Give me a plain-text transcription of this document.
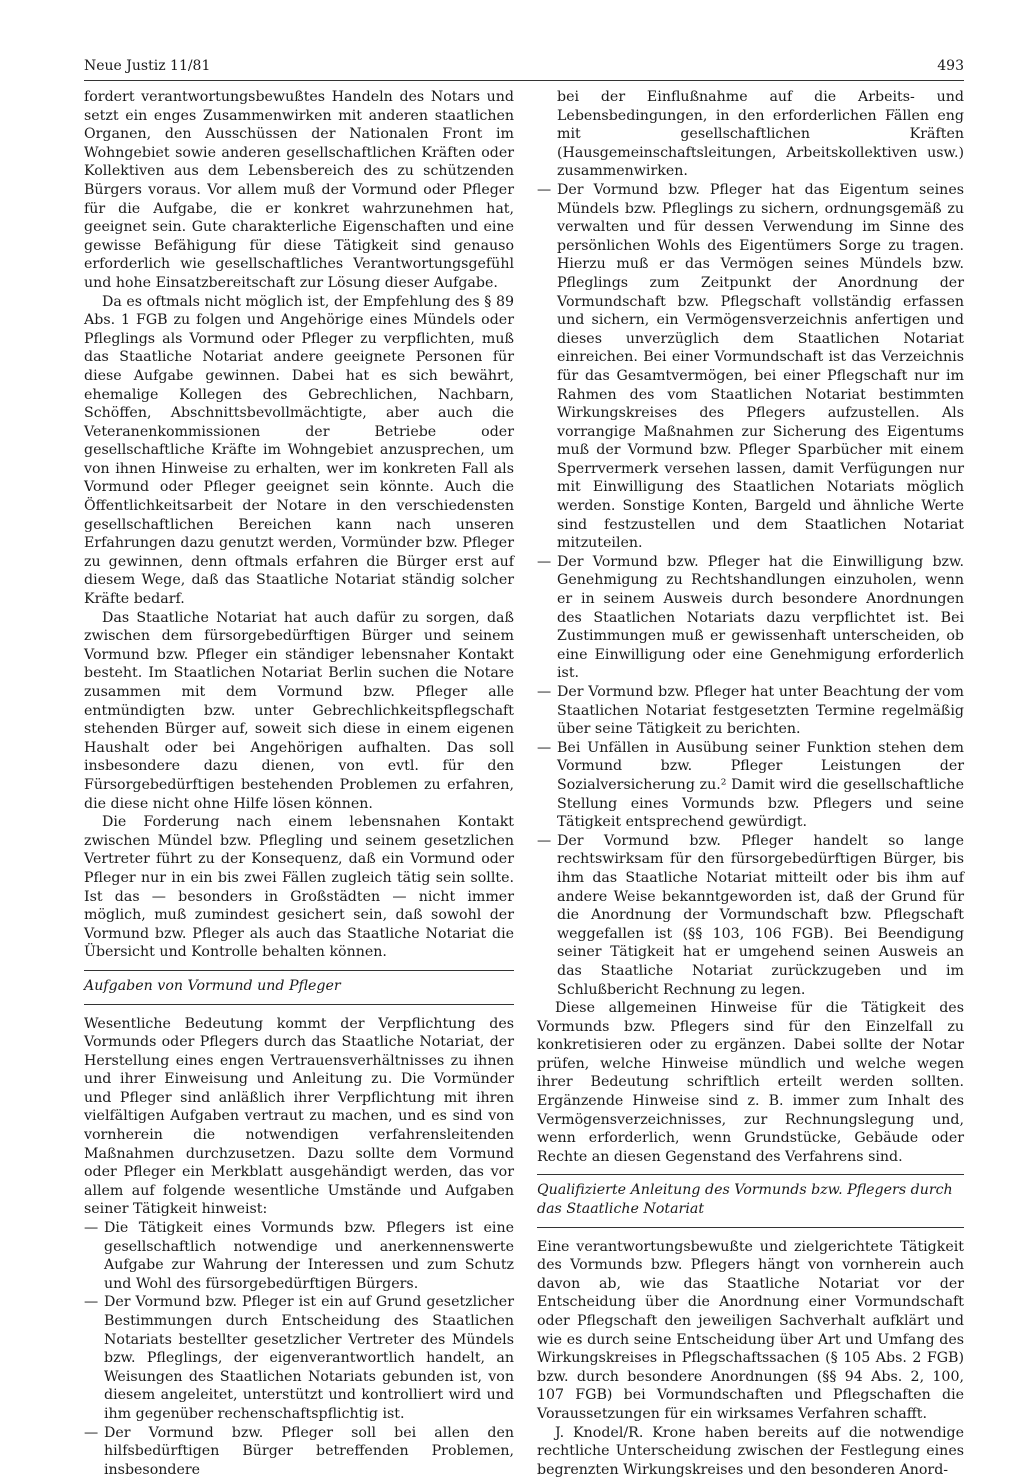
Neue Justiz 11/81	493

fordert verantwortungsbewußtes Handeln des Notars und setzt ein enges Zusammenwirken mit anderen staatlichen Organen, den Ausschüssen der Nationalen Front im Wohngebiet sowie anderen gesellschaftlichen Kräften oder Kollektiven aus dem Lebensbereich des zu schützenden Bürgers voraus. Vor allem muß der Vormund oder Pfleger für die Aufgabe, die er konkret wahrzunehmen hat, geeignet sein. Gute charakterliche Eigenschaften und eine gewisse Befähigung für diese Tätigkeit sind genauso erforderlich wie gesellschaftliches Verantwortungsgefühl und hohe Einsatzbereitschaft zur Lösung dieser Aufgabe.

Da es oftmals nicht möglich ist, der Empfehlung des § 89 Abs. 1 FGB zu folgen und Angehörige eines Mündels oder Pfleglings als Vormund oder Pfleger zu verpflichten, muß das Staatliche Notariat andere geeignete Personen für diese Aufgabe gewinnen. Dabei hat es sich bewährt, ehemalige Kollegen des Gebrechlichen, Nachbarn, Schöffen, Abschnittsbevollmächtigte, aber auch die Veteranenkommissionen der Betriebe oder gesellschaftliche Kräfte im Wohngebiet anzusprechen, um von ihnen Hinweise zu erhalten, wer im konkreten Fall als Vormund oder Pfleger geeignet sein könnte. Auch die Öffentlichkeitsarbeit der Notare in den verschiedensten gesellschaftlichen Bereichen kann nach unseren Erfahrungen dazu genutzt werden, Vormünder bzw. Pfleger zu gewinnen, denn oftmals erfahren die Bürger erst auf diesem Wege, daß das Staatliche Notariat ständig solcher Kräfte bedarf.

Das Staatliche Notariat hat auch dafür zu sorgen, daß zwischen dem fürsorgebedürftigen Bürger und seinem Vormund bzw. Pfleger ein ständiger lebensnaher Kontakt besteht. Im Staatlichen Notariat Berlin suchen die Notare zusammen mit dem Vormund bzw. Pfleger alle entmündigten bzw. unter Gebrechlichkeitspflegschaft stehenden Bürger auf, soweit sich diese in einem eigenen Haushalt oder bei Angehörigen aufhalten. Das soll insbesondere dazu dienen, von evtl. für den Fürsorgebedürftigen bestehenden Problemen zu erfahren, die diese nicht ohne Hilfe lösen können.

Die Forderung nach einem lebensnahen Kontakt zwischen Mündel bzw. Pflegling und seinem gesetzlichen Vertreter führt zu der Konsequenz, daß ein Vormund oder Pfleger nur in ein bis zwei Fällen zugleich tätig sein sollte. Ist das — besonders in Großstädten — nicht immer möglich, muß zumindest gesichert sein, daß sowohl der Vormund bzw. Pfleger als auch das Staatliche Notariat die Übersicht und Kontrolle behalten können.

Aufgaben von Vormund und Pfleger

Wesentliche Bedeutung kommt der Verpflichtung des Vormunds oder Pflegers durch das Staatliche Notariat, der Herstellung eines engen Vertrauensverhältnisses zu ihnen und ihrer Einweisung und Anleitung zu. Die Vormünder und Pfleger sind anläßlich ihrer Verpflichtung mit ihren vielfältigen Aufgaben vertraut zu machen, und es sind von vornherein die notwendigen verfahrensleitenden Maßnahmen durchzusetzen. Dazu sollte dem Vormund oder Pfleger ein Merkblatt ausgehändigt werden, das vor allem auf folgende wesentliche Umstände und Aufgaben seiner Tätigkeit hinweist:

— Die Tätigkeit eines Vormunds bzw. Pflegers ist eine gesellschaftlich notwendige und anerkennenswerte Aufgabe zur Wahrung der Interessen und zum Schutz und Wohl des fürsorgebedürftigen Bürgers.
— Der Vormund bzw. Pfleger ist ein auf Grund gesetzlicher Bestimmungen durch Entscheidung des Staatlichen Notariats bestellter gesetzlicher Vertreter des Mündels bzw. Pfleglings, der eigenverantwortlich handelt, an Weisungen des Staatlichen Notariats gebunden ist, von diesem angeleitet, unterstützt und kontrolliert wird und ihm gegenüber rechenschaftspflichtig ist.
— Der Vormund bzw. Pfleger soll bei allen den hilfsbedürftigen Bürger betreffenden Problemen, insbesondere

bei der Einflußnahme auf die Arbeits- und Lebensbedingungen, in den erforderlichen Fällen eng mit gesellschaftlichen Kräften (Hausgemeinschaftsleitungen, Arbeitskollektiven usw.) zusammenwirken.

— Der Vormund bzw. Pfleger hat das Eigentum seines Mündels bzw. Pfleglings zu sichern, ordnungsgemäß zu verwalten und für dessen Verwendung im Sinne des persönlichen Wohls des Eigentümers Sorge zu tragen. Hierzu muß er das Vermögen seines Mündels bzw. Pfleglings zum Zeitpunkt der Anordnung der Vormundschaft bzw. Pflegschaft vollständig erfassen und sichern, ein Vermögensverzeichnis anfertigen und dieses unverzüglich dem Staatlichen Notariat einreichen. Bei einer Vormundschaft ist das Verzeichnis für das Gesamtvermögen, bei einer Pflegschaft nur im Rahmen des vom Staatlichen Notariat bestimmten Wirkungskreises des Pflegers aufzustellen. Als vorrangige Maßnahmen zur Sicherung des Eigentums muß der Vormund bzw. Pfleger Sparbücher mit einem Sperrvermerk versehen lassen, damit Verfügungen nur mit Einwilligung des Staatlichen Notariats möglich werden. Sonstige Konten, Bargeld und ähnliche Werte sind festzustellen und dem Staatlichen Notariat mitzuteilen.
— Der Vormund bzw. Pfleger hat die Einwilligung bzw. Genehmigung zu Rechtshandlungen einzuholen, wenn er in seinem Ausweis durch besondere Anordnungen des Staatlichen Notariats dazu verpflichtet ist. Bei Zustimmungen muß er gewissenhaft unterscheiden, ob eine Einwilligung oder eine Genehmigung erforderlich ist.
— Der Vormund bzw. Pfleger hat unter Beachtung der vom Staatlichen Notariat festgesetzten Termine regelmäßig über seine Tätigkeit zu berichten.
— Bei Unfällen in Ausübung seiner Funktion stehen dem Vormund bzw. Pfleger Leistungen der Sozialversicherung zu.² Damit wird die gesellschaftliche Stellung eines Vormunds bzw. Pflegers und seine Tätigkeit entsprechend gewürdigt.
— Der Vormund bzw. Pfleger handelt so lange rechtswirksam für den fürsorgebedürftigen Bürger, bis ihm das Staatliche Notariat mitteilt oder bis ihm auf andere Weise bekanntgeworden ist, daß der Grund für die Anordnung der Vormundschaft bzw. Pflegschaft weggefallen ist (§§ 103, 106 FGB). Bei Beendigung seiner Tätigkeit hat er umgehend seinen Ausweis an das Staatliche Notariat zurückzugeben und im Schlußbericht Rechnung zu legen.

Diese allgemeinen Hinweise für die Tätigkeit des Vormunds bzw. Pflegers sind für den Einzelfall zu konkretisieren oder zu ergänzen. Dabei sollte der Notar prüfen, welche Hinweise mündlich und welche wegen ihrer Bedeutung schriftlich erteilt werden sollten. Ergänzende Hinweise sind z. B. immer zum Inhalt des Vermögensverzeichnisses, zur Rechnungslegung und, wenn erforderlich, wenn Grundstücke, Gebäude oder Rechte an diesen Gegenstand des Verfahrens sind.

Qualifizierte Anleitung des Vormunds bzw. Pflegers durch das Staatliche Notariat

Eine verantwortungsbewußte und zielgerichtete Tätigkeit des Vormunds bzw. Pflegers hängt von vornherein auch davon ab, wie das Staatliche Notariat vor der Entscheidung über die Anordnung einer Vormundschaft oder Pflegschaft den jeweiligen Sachverhalt aufklärt und wie es durch seine Entscheidung über Art und Umfang des Wirkungskreises in Pflegschaftssachen (§ 105 Abs. 2 FGB) bzw. durch besondere Anordnungen (§§ 94 Abs. 2, 100, 107 FGB) bei Vormundschaften und Pflegschaften die Voraussetzungen für ein wirksames Verfahren schafft.

J. Knodel/R. Krone haben bereits auf die notwendige rechtliche Unterscheidung zwischen der Festlegung eines begrenzten Wirkungskreises und den besonderen Anord-
